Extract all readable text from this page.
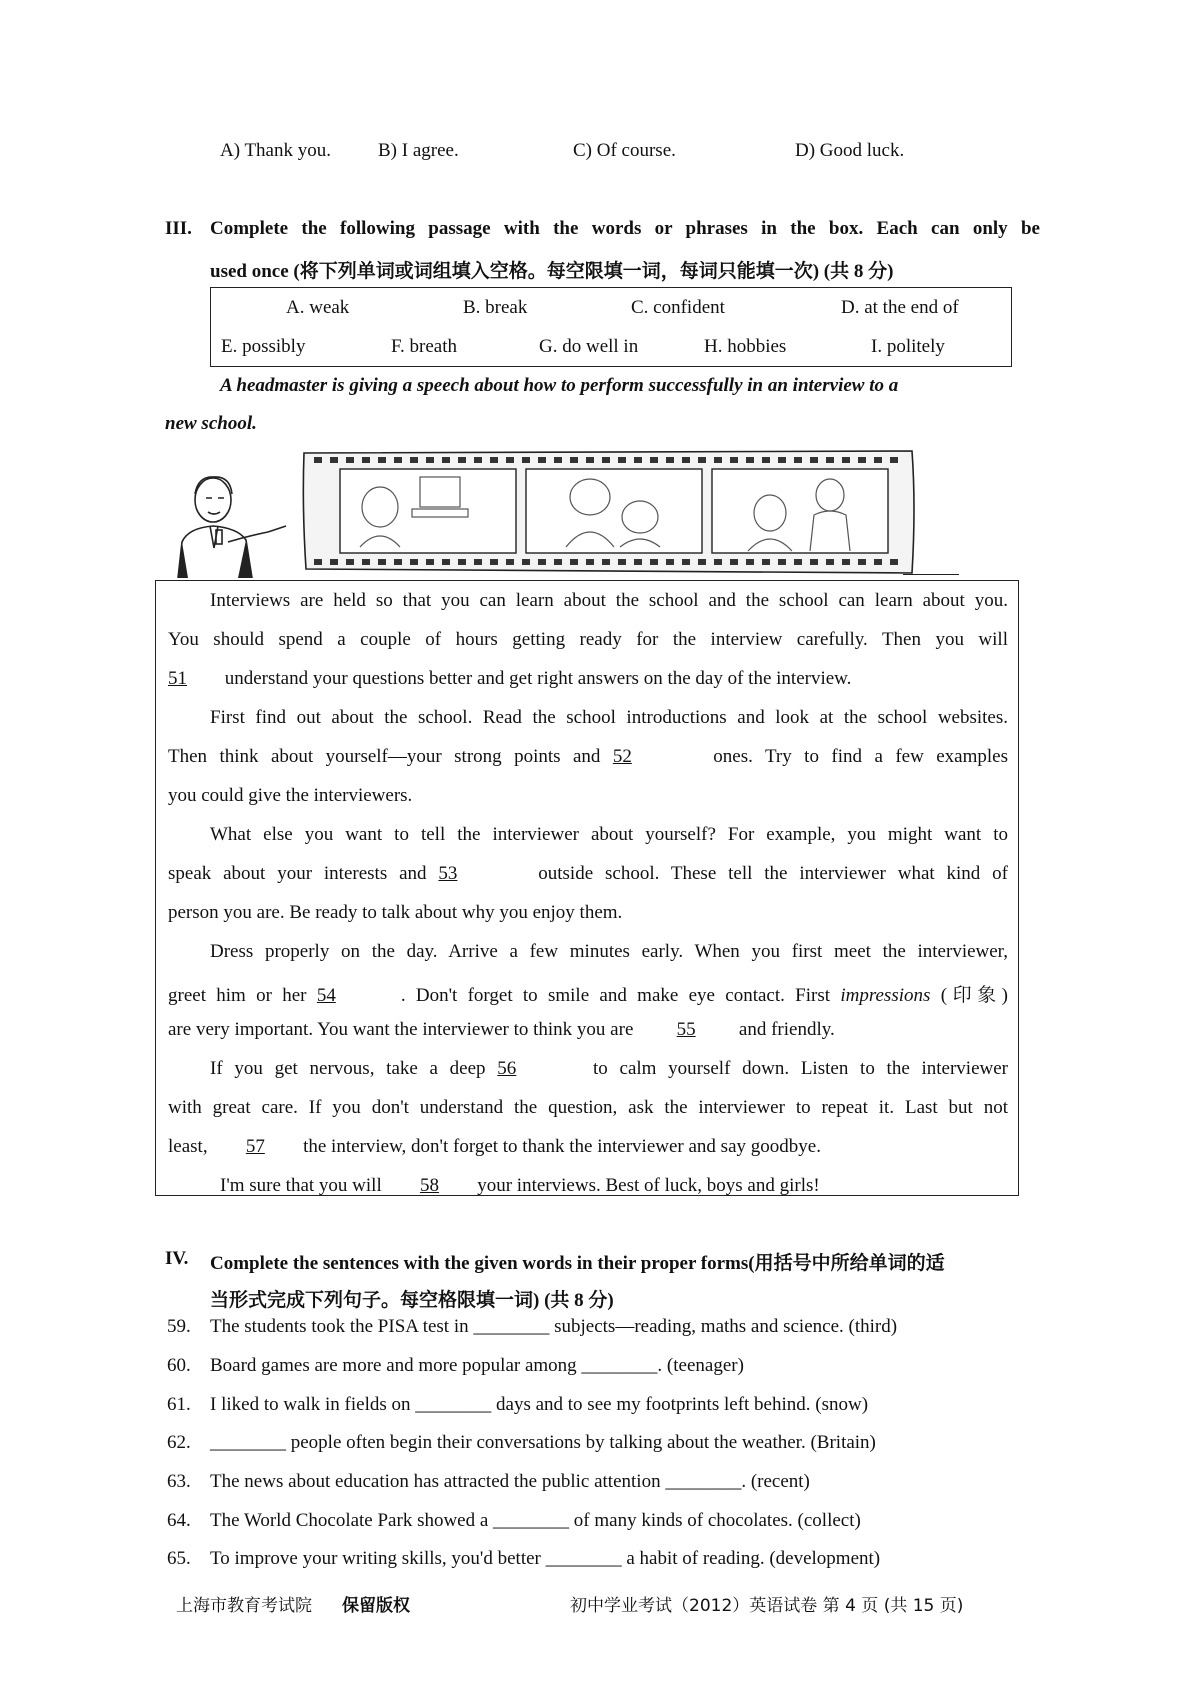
A) Thank you. B) I agree.	C) Of course.	D) Good luck.
III. Complete the following passage with the words or phrases in the box. Each can only be
used once (将下列单词或词组填入空格。每空限填一词，每词只能填一次) (共 8 分)
A. weak	B. break	C. confident	D. at the end of
E. possibly	F. breath	G. do well in	H. hobbies	I. politely
A headmaster is giving a speech about how to perform successfully in an interview to a
new school.
Interviews are held so that you can learn about the school and the school can learn about you.
You should spend a couple of hours getting ready for the interview carefully. Then you will
51 understand your questions better and get right answers on the day of the interview.
First find out about the school. Read the school introductions and look at the school websites.
Then think about yourself—your strong points and 52	ones. Try to find a few examples
you could give the interviewers.
What else you want to tell the interviewer about yourself? For example, you might want to
speak about your interests and 53	outside school. These tell the interviewer what kind of
person you are. Be ready to talk about why you enjoy them.
Dress properly on the day. Arrive a few minutes early. When you first meet the interviewer,
greet him or her 54	. Don't forget to smile and make eye contact. First impressions (印象)
are very important. You want the interviewer to think you are 55 and friendly.
If you get nervous, take a deep 56	to calm yourself down. Listen to the interviewer
with great care. If you don't understand the question, ask the interviewer to repeat it. Last but not
least, 57 the interview, don't forget to thank the interviewer and say goodbye.
I'm sure that you will 58 your interviews. Best of luck, boys and girls!
IV. Complete the sentences with the given words in their proper forms(用括号中所给单词的适
当形式完成下列句子。每空格限填一词) (共 8 分)
59. The students took the PISA test in ________ subjects—reading, maths and science. (third)
60. Board games are more and more popular among ________. (teenager)
61. I liked to walk in fields on ________ days and to see my footprints left behind. (snow)
62. ________ people often begin their conversations by talking about the weather. (Britain)
63. The news about education has attracted the public attention ________. (recent)
64. The World Chocolate Park showed a ________ of many kinds of chocolates. (collect)
65. To improve your writing skills, you'd better ________ a habit of reading. (development)
上海市教育考试院 保留版权	初中学业考试（2012）英语试卷 第 4 页 (共 15 页)
